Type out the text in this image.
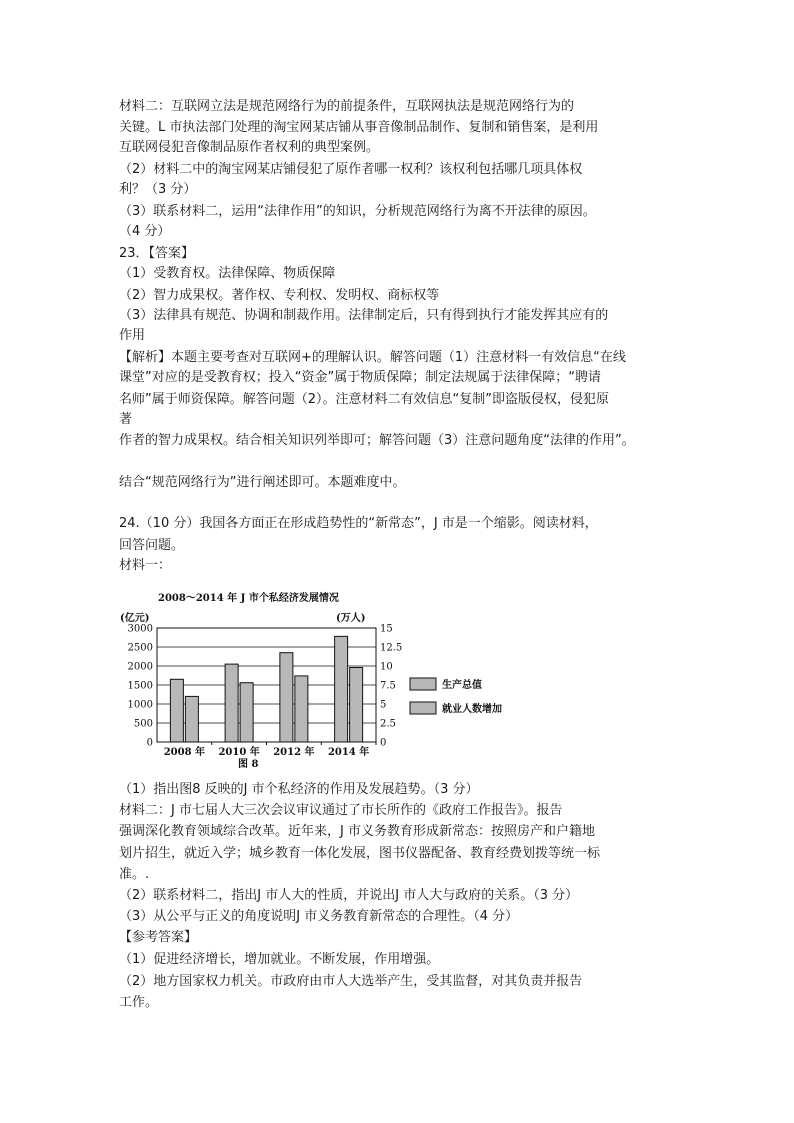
材料二：互联网立法是规范网络行为的前提条件，互联网执法是规范网络行为的
关键。L 市执法部门处理的淘宝网某店铺从事音像制品制作、复制和销售案，是利用
互联网侵犯音像制品原作者权利的典型案例。
（2）材料二中的淘宝网某店铺侵犯了原作者哪一权利？该权利包括哪几项具体权
利？（3 分）
（3）联系材料二，运用“法律作用”的知识，分析规范网络行为离不开法律的原因。
（4 分）
23．【答案】
（1）受教育权。法律保障、物质保障
（2）智力成果权。著作权、专利权、发明权、商标权等
（3）法律具有规范、协调和制裁作用。法律制定后，只有得到执行才能发挥其应有的
作用
【解析】本题主要考查对互联网+的理解认识。解答问题（1）注意材料一有效信息“在线
课堂”对应的是受教育权；投入“资金”属于物质保障；制定法规属于法律保障；“聘请
名师”属于师资保障。解答问题（2）。注意材料二有效信息“复制”即盗版侵权，侵犯原
著
作者的智力成果权。结合相关知识列举即可；解答问题（3）注意问题角度“法律的作用”。
结合“规范网络行为”进行阐述即可。本题难度中。
24.（10 分）我国各方面正在形成趋势性的“新常态”，J 市是一个缩影。阅读材料，
回答问题。
材料一：
2008～2014 年 J 市个私经济发展情况
(亿元)	(万人)
3000
2500
2000
1500
1000
500
0
15
12.5
10
7.5
5
2.5
0
2008 年 2010 年 2012 年 2014 年
生产总值
就业人数增加
图 8
（1）指出图8 反映的J 市个私经济的作用及发展趋势。（3 分）
材料二：J 市七届人大三次会议审议通过了市长所作的《政府工作报告》。报告
强调深化教育领域综合改革。近年来，J 市义务教育形成新常态：按照房产和户籍地
划片招生，就近入学；城乡教育一体化发展，图书仪器配备、教育经费划拨等统一标
准。.
（2）联系材料二，指出J 市人大的性质，并说出J 市人大与政府的关系。（3 分）
（3）从公平与正义的角度说明J 市义务教育新常态的合理性。（4 分）
【参考答案】
（1）促进经济增长，增加就业。不断发展，作用增强。
（2）地方国家权力机关。市政府由市人大选举产生，受其监督，对其负责并报告
工作。
